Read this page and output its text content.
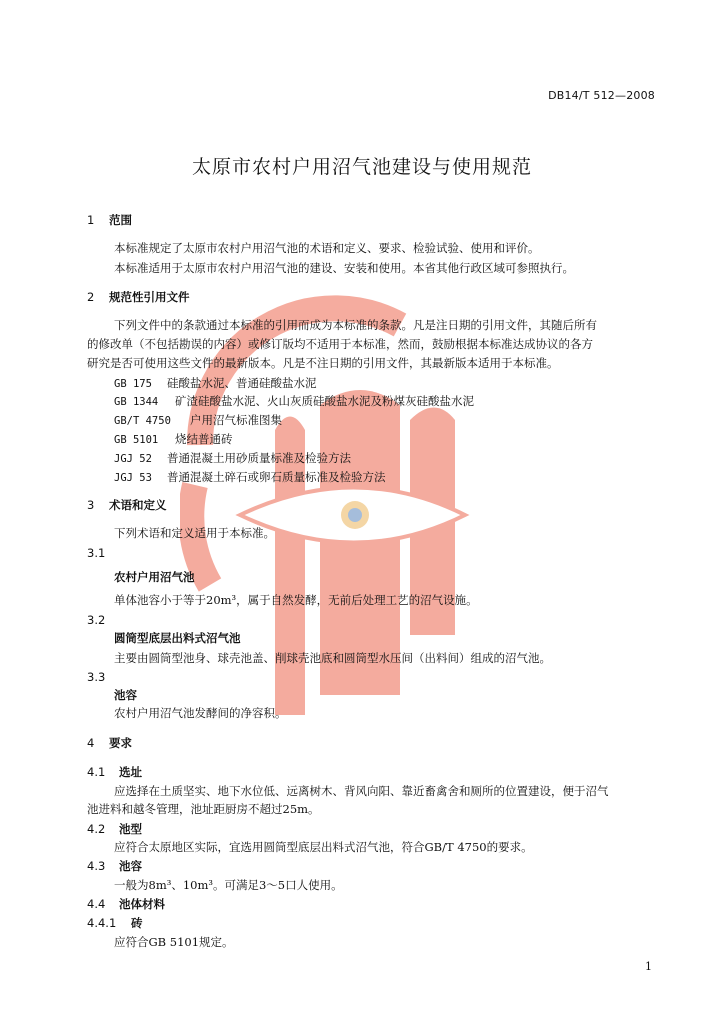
DB14/T 512—2008
太原市农村户用沼气池建设与使用规范
1 范围
本标准规定了太原市农村户用沼气池的术语和定义、要求、检验试验、使用和评价。
本标准适用于太原市农村户用沼气池的建设、安装和使用。本省其他行政区域可参照执行。
2 规范性引用文件
下列文件中的条款通过本标准的引用而成为本标准的条款。凡是注日期的引用文件，其随后所有
的修改单（不包括勘误的内容）或修订版均不适用于本标准，然而，鼓励根据本标准达成协议的各方
研究是否可使用这些文件的最新版本。凡是不注日期的引用文件，其最新版本适用于本标准。
GB 175 硅酸盐水泥、普通硅酸盐水泥
GB 1344 矿渣硅酸盐水泥、火山灰质硅酸盐水泥及粉煤灰硅酸盐水泥
GB/T 4750 户用沼气标准图集
GB 5101 烧结普通砖
JGJ 52 普通混凝土用砂质量标准及检验方法
JGJ 53 普通混凝土碎石或卵石质量标准及检验方法
3 术语和定义
下列术语和定义适用于本标准。
3.1
农村户用沼气池
单体池容小于等于20m³，属于自然发酵，无前后处理工艺的沼气设施。
3.2
圆筒型底层出料式沼气池
主要由圆筒型池身、球壳池盖、削球壳池底和圆筒型水压间（出料间）组成的沼气池。
3.3
池容
农村户用沼气池发酵间的净容积。
4 要求
4.1 选址
应选择在土质坚实、地下水位低、远离树木、背风向阳、靠近畜禽舍和厕所的位置建设，便于沼气
池进料和越冬管理，池址距厨房不超过25m。
4.2 池型
应符合太原地区实际，宜选用圆筒型底层出料式沼气池，符合GB/T 4750的要求。
4.3 池容
一般为8m³、10m³。可满足3～5口人使用。
4.4 池体材料
4.4.1 砖
应符合GB 5101规定。
1
